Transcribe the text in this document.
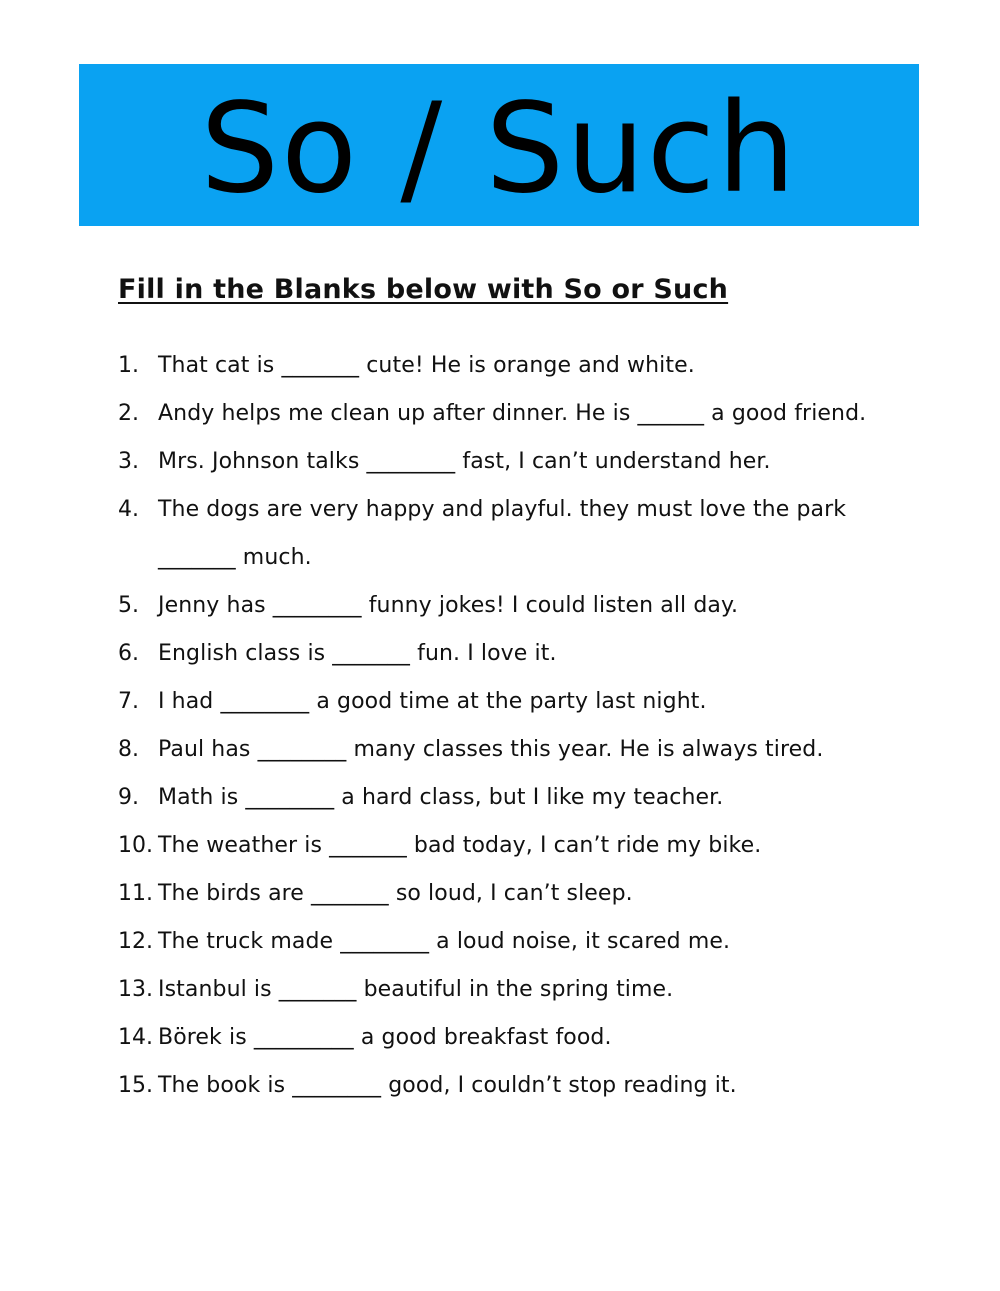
So / Such
Fill in the Blanks below with So or Such
1. That cat is _______ cute! He is orange and white.
2. Andy helps me clean up after dinner. He is ______ a good friend.
3. Mrs. Johnson talks ________ fast, I can’t understand her.
4. The dogs are very happy and playful. they must love the park _______ much.
5. Jenny has ________ funny jokes! I could listen all day.
6. English class is _______ fun. I love it.
7. I had ________ a good time at the party last night.
8. Paul has ________ many classes this year. He is always tired.
9. Math is ________ a hard class, but I like my teacher.
10. The weather is _______ bad today, I can’t ride my bike.
11. The birds are _______ so loud, I can’t sleep.
12. The truck made ________ a loud noise, it scared me.
13. Istanbul is _______ beautiful in the spring time.
14. Börek is _________ a good breakfast food.
15. The book is ________ good, I couldn’t stop reading it.
